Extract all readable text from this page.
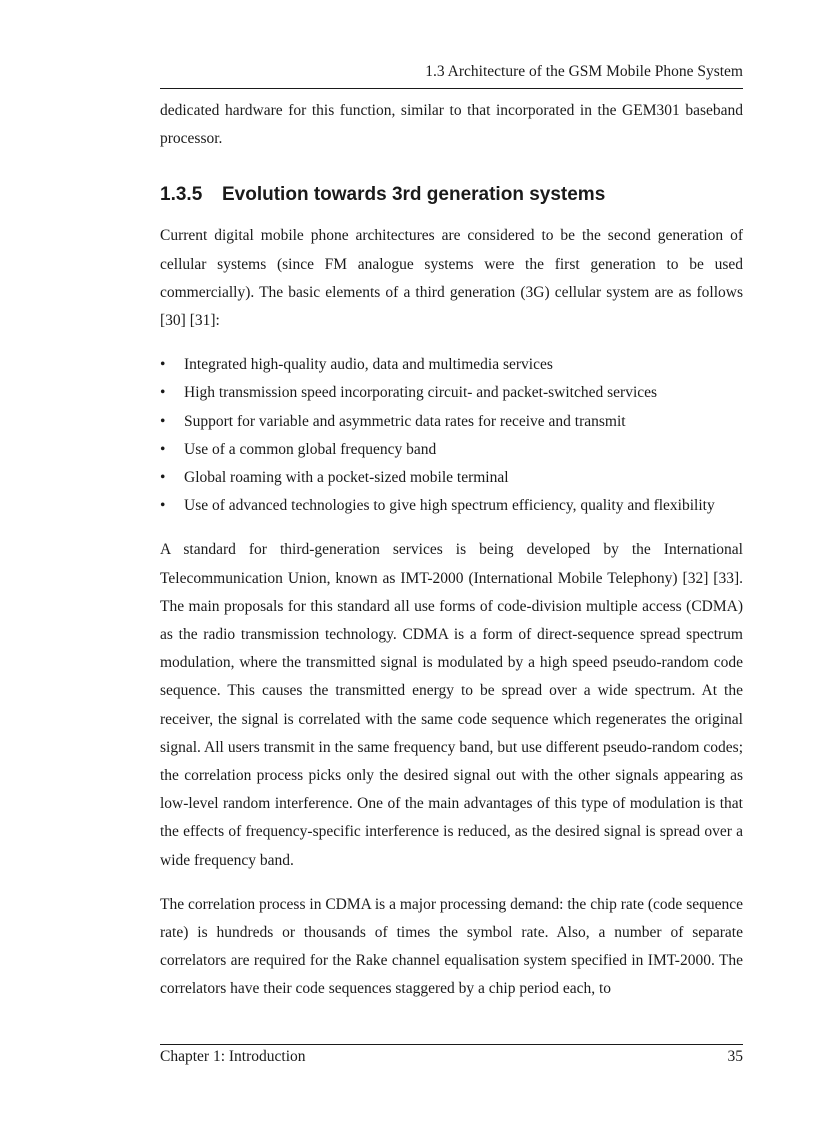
1.3 Architecture of the GSM Mobile Phone System

dedicated hardware for this function, similar to that incorporated in the GEM301 baseband processor.

1.3.5 Evolution towards 3rd generation systems

Current digital mobile phone architectures are considered to be the second generation of cellular systems (since FM analogue systems were the first generation to be used commercially). The basic elements of a third generation (3G) cellular system are as follows [30] [31]:

• Integrated high-quality audio, data and multimedia services
• High transmission speed incorporating circuit- and packet-switched services
• Support for variable and asymmetric data rates for receive and transmit
• Use of a common global frequency band
• Global roaming with a pocket-sized mobile terminal
• Use of advanced technologies to give high spectrum efficiency, quality and flexibility

A standard for third-generation services is being developed by the International Telecommunication Union, known as IMT-2000 (International Mobile Telephony) [32] [33]. The main proposals for this standard all use forms of code-division multiple access (CDMA) as the radio transmission technology. CDMA is a form of direct-sequence spread spectrum modulation, where the transmitted signal is modulated by a high speed pseudo-random code sequence. This causes the transmitted energy to be spread over a wide spectrum. At the receiver, the signal is correlated with the same code sequence which regenerates the original signal. All users transmit in the same frequency band, but use different pseudo-random codes; the correlation process picks only the desired signal out with the other signals appearing as low-level random interference. One of the main advantages of this type of modulation is that the effects of frequency-specific interference is reduced, as the desired signal is spread over a wide frequency band.

The correlation process in CDMA is a major processing demand: the chip rate (code sequence rate) is hundreds or thousands of times the symbol rate. Also, a number of separate correlators are required for the Rake channel equalisation system specified in IMT-2000. The correlators have their code sequences staggered by a chip period each, to

Chapter 1: Introduction	35
